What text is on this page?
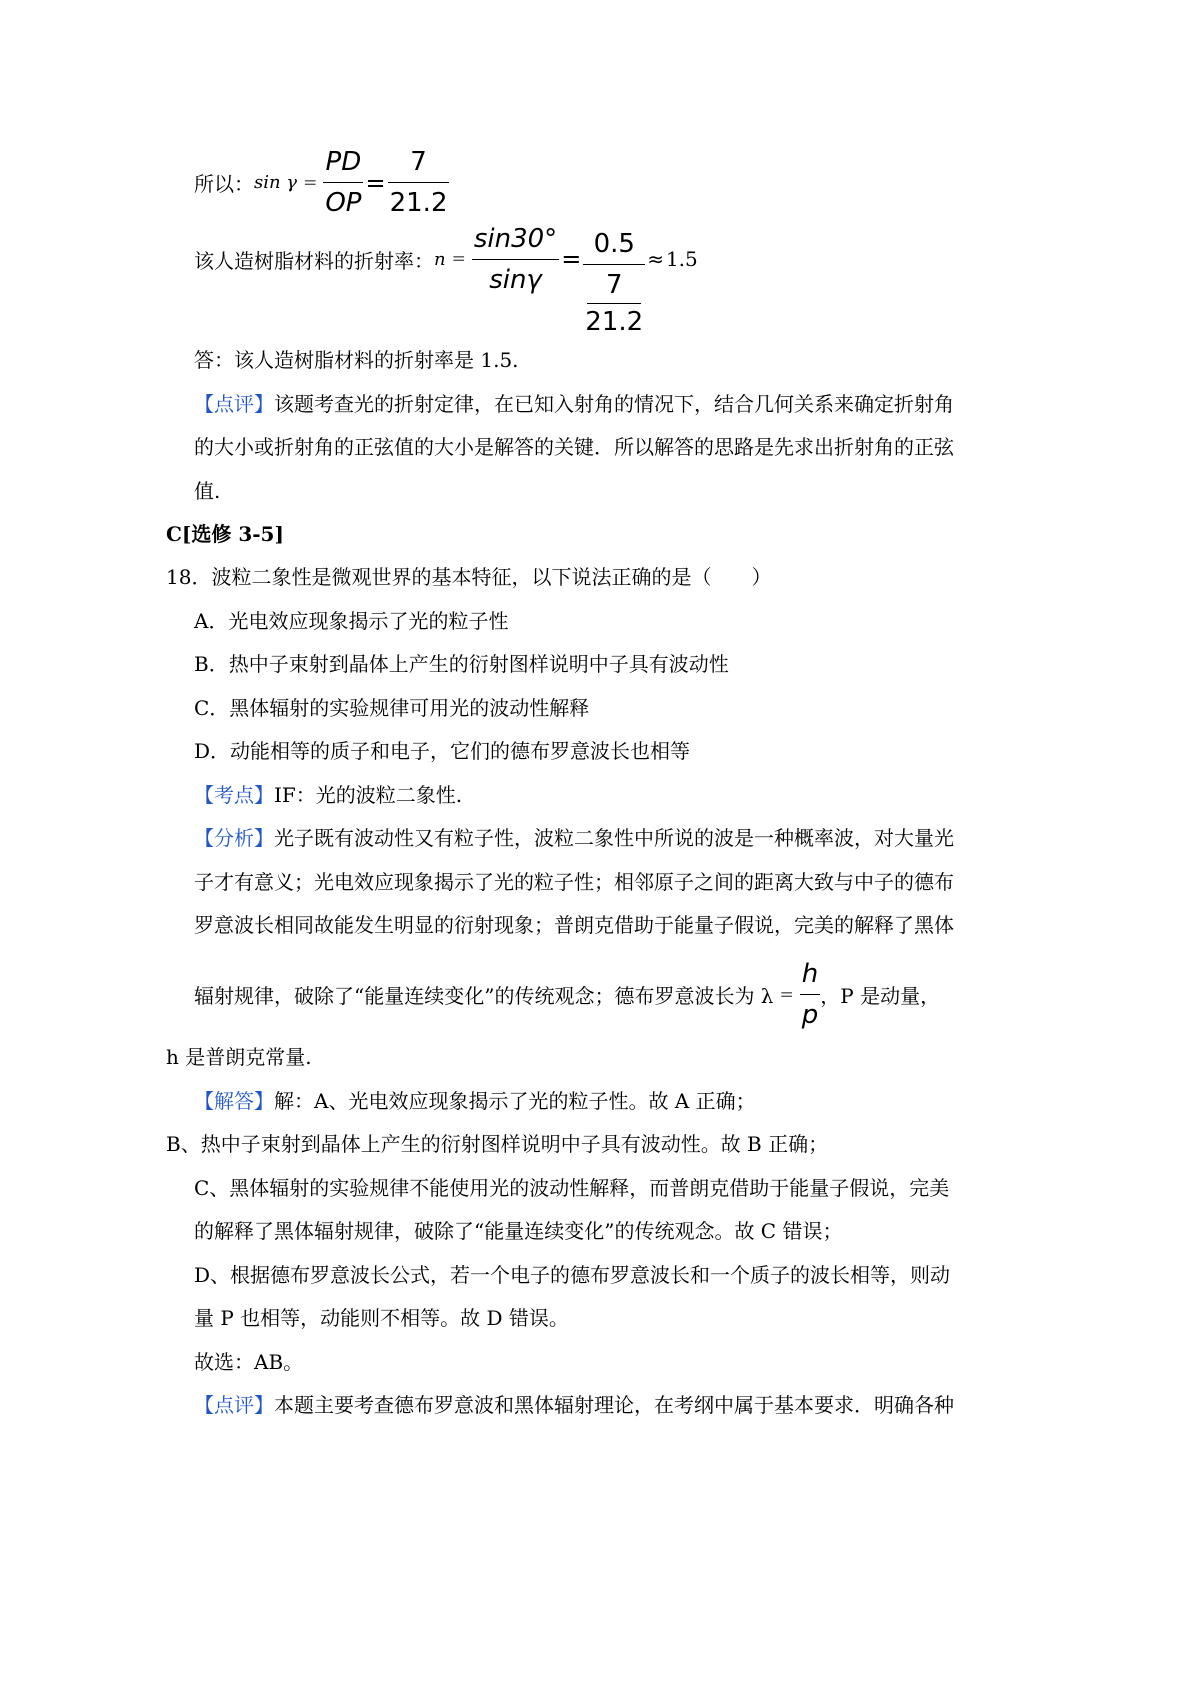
所以： $\sin \gamma = \frac{PD}{OP} = \frac{7}{21.2}$
该人造树脂材料的折射率： $n = \frac{\sin 30^\circ}{\sin\gamma} = 0.5$
7
21.2
≈ 1.5
答：该人造树脂材料的折射率是 1.5.
【点评】该题考查光的折射定律，在已知入射角的情况下，结合几何关系来确定折射角
的大小或折射角的正弦值的大小是解答的关键．所以解答的思路是先求出折射角的正弦
值.
C[选修 3-5]
18．波粒二象性是微观世界的基本特征，以下说法正确的是（　　）
A．光电效应现象揭示了光的粒子性
B．热中子束射到晶体上产生的衍射图样说明中子具有波动性
C．黑体辐射的实验规律可用光的波动性解释
D．动能相等的质子和电子，它们的德布罗意波长也相等
【考点】IF：光的波粒二象性.
【分析】光子既有波动性又有粒子性，波粒二象性中所说的波是一种概率波，对大量光
子才有意义；光电效应现象揭示了光的粒子性；相邻原子之间的距离大致与中子的德布
罗意波长相同故能发生明显的衍射现象；普朗克借助于能量子假说，完美的解释了黑体
辐射规律，破除了“能量连续变化”的传统观念；德布罗意波长为 $\lambda = \frac{h}{p}$ ，P 是动量，
h 是普朗克常量.
【解答】解：A、光电效应现象揭示了光的粒子性。故 A 正确；
B、热中子束射到晶体上产生的衍射图样说明中子具有波动性。故 B 正确；
C、黑体辐射的实验规律不能使用光的波动性解释，而普朗克借助于能量子假说，完美
的解释了黑体辐射规律，破除了“能量连续变化”的传统观念。故 C 错误；
D、根据德布罗意波长公式，若一个电子的德布罗意波长和一个质子的波长相等，则动
量 P 也相等，动能则不相等。故 D 错误。
故选：AB。
【点评】本题主要考查德布罗意波和黑体辐射理论，在考纲中属于基本要求．明确各种
